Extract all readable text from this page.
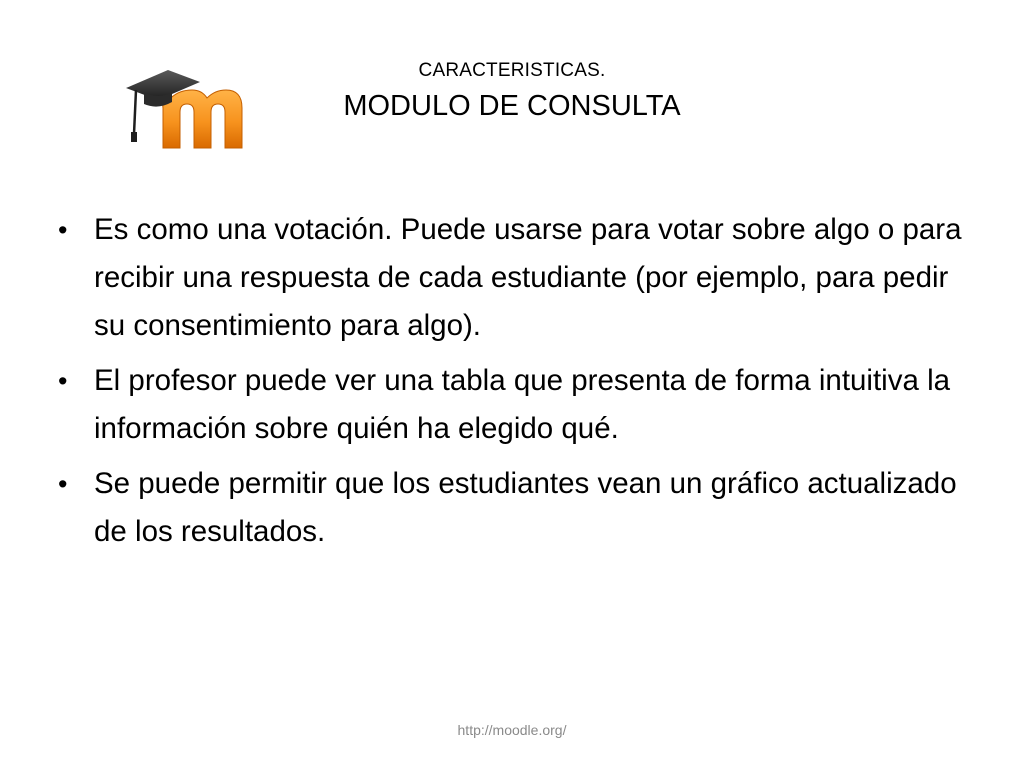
CARACTERISTICAS.
MODULO DE CONSULTA
• Es como una votación. Puede usarse para votar sobre algo o para recibir una respuesta de cada estudiante (por ejemplo, para pedir su consentimiento para algo).
• El profesor puede ver una tabla que presenta de forma intuitiva la información sobre quién ha elegido qué.
• Se puede permitir que los estudiantes vean un gráfico actualizado de los resultados.
http://moodle.org/
